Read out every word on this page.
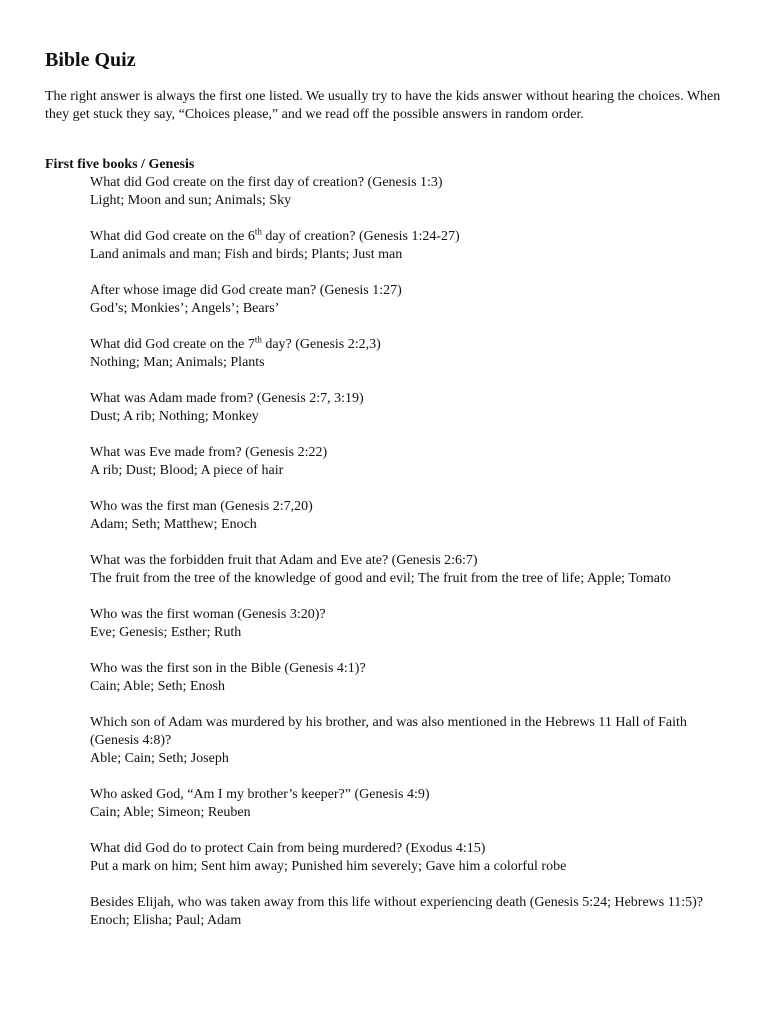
Bible Quiz

The right answer is always the first one listed. We usually try to have the kids answer without hearing the choices. When they get stuck they say, “Choices please,” and we read off the possible answers in random order.

First five books / Genesis

What did God create on the first day of creation? (Genesis 1:3)
Light; Moon and sun; Animals; Sky
What did God create on the 6th day of creation? (Genesis 1:24-27)
Land animals and man; Fish and birds; Plants; Just man
After whose image did God create man? (Genesis 1:27)
God’s; Monkies’; Angels’; Bears’
What did God create on the 7th day? (Genesis 2:2,3)
Nothing; Man; Animals; Plants
What was Adam made from? (Genesis 2:7, 3:19)
Dust; A rib; Nothing; Monkey
What was Eve made from? (Genesis 2:22)
A rib; Dust; Blood; A piece of hair
Who was the first man (Genesis 2:7,20)
Adam; Seth; Matthew; Enoch
What was the forbidden fruit that Adam and Eve ate? (Genesis 2:6:7)
The fruit from the tree of the knowledge of good and evil; The fruit from the tree of life; Apple; Tomato
Who was the first woman (Genesis 3:20)?
Eve; Genesis; Esther; Ruth
Who was the first son in the Bible (Genesis 4:1)?
Cain; Able; Seth; Enosh
Which son of Adam was murdered by his brother, and was also mentioned in the Hebrews 11 Hall of Faith (Genesis 4:8)?
Able; Cain; Seth; Joseph
Who asked God, “Am I my brother’s keeper?” (Genesis 4:9)
Cain; Able; Simeon; Reuben
What did God do to protect Cain from being murdered? (Exodus 4:15)
Put a mark on him; Sent him away; Punished him severely; Gave him a colorful robe
Besides Elijah, who was taken away from this life without experiencing death (Genesis 5:24; Hebrews 11:5)?
Enoch; Elisha; Paul; Adam
